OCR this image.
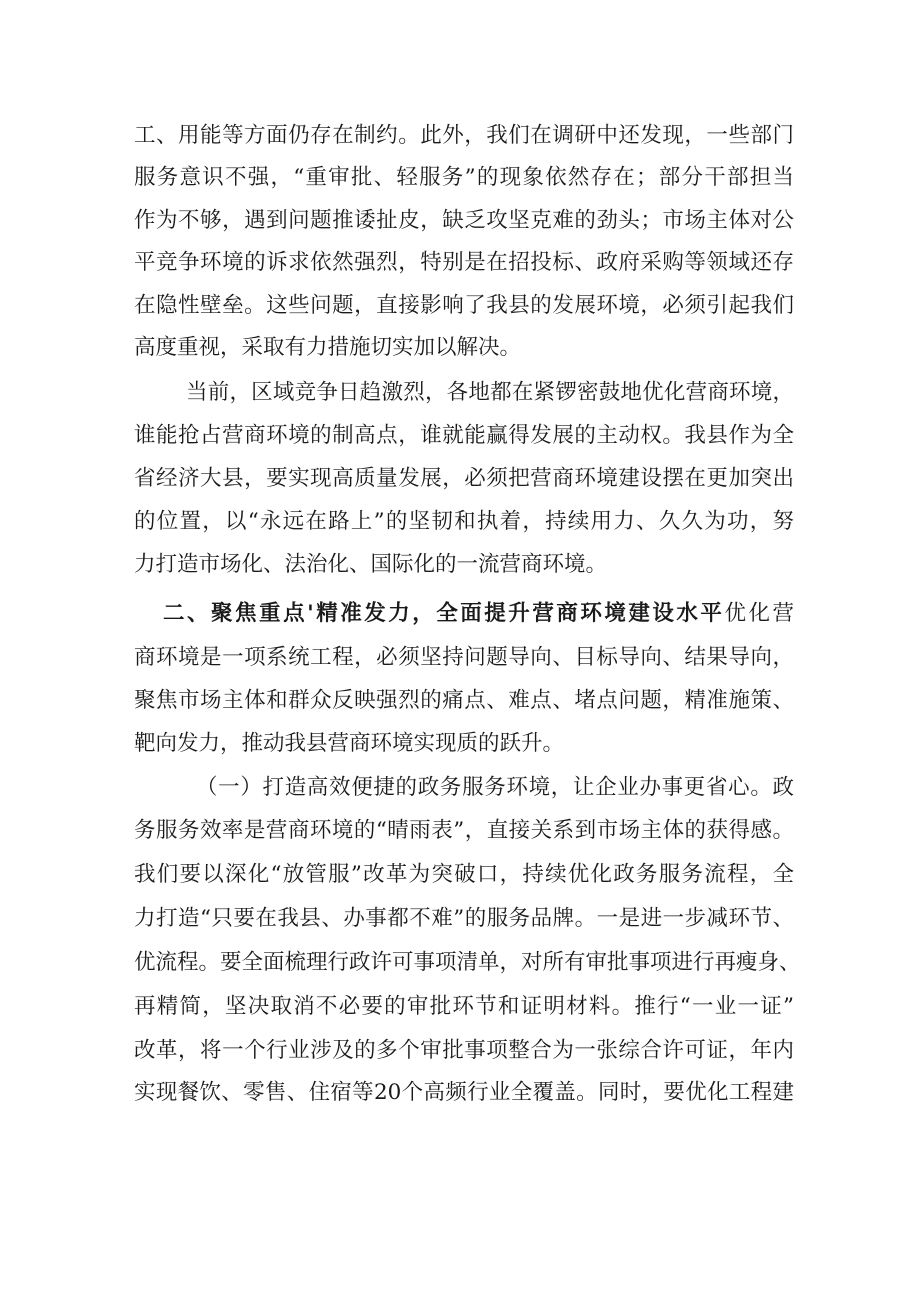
工、用能等方面仍存在制约。此外，我们在调研中还发现，一些部门
服务意识不强，“重审批、轻服务”的现象依然存在；部分干部担当
作为不够，遇到问题推诿扯皮，缺乏攻坚克难的劲头；市场主体对公
平竞争环境的诉求依然强烈，特别是在招投标、政府采购等领域还存
在隐性壁垒。这些问题，直接影响了我县的发展环境，必须引起我们
高度重视，采取有力措施切实加以解决。
当前，区域竞争日趋激烈，各地都在紧锣密鼓地优化营商环境，
谁能抢占营商环境的制高点，谁就能赢得发展的主动权。我县作为全
省经济大县，要实现高质量发展，必须把营商环境建设摆在更加突出
的位置，以“永远在路上”的坚韧和执着，持续用力、久久为功，努
力打造市场化、法治化、国际化的一流营商环境。
二、聚焦重点'精准发力，全面提升营商环境建设水平优化营
商环境是一项系统工程，必须坚持问题导向、目标导向、结果导向，
聚焦市场主体和群众反映强烈的痛点、难点、堵点问题，精准施策、
靶向发力，推动我县营商环境实现质的跃升。
（一）打造高效便捷的政务服务环境，让企业办事更省心。政
务服务效率是营商环境的“晴雨表”，直接关系到市场主体的获得感。
我们要以深化“放管服”改革为突破口，持续优化政务服务流程，全
力打造“只要在我县、办事都不难”的服务品牌。一是进一步减环节、
优流程。要全面梳理行政许可事项清单，对所有审批事项进行再瘦身、
再精简，坚决取消不必要的审批环节和证明材料。推行“一业一证”
改革，将一个行业涉及的多个审批事项整合为一张综合许可证，年内
实现餐饮、零售、住宿等20个高频行业全覆盖。同时，要优化工程建
